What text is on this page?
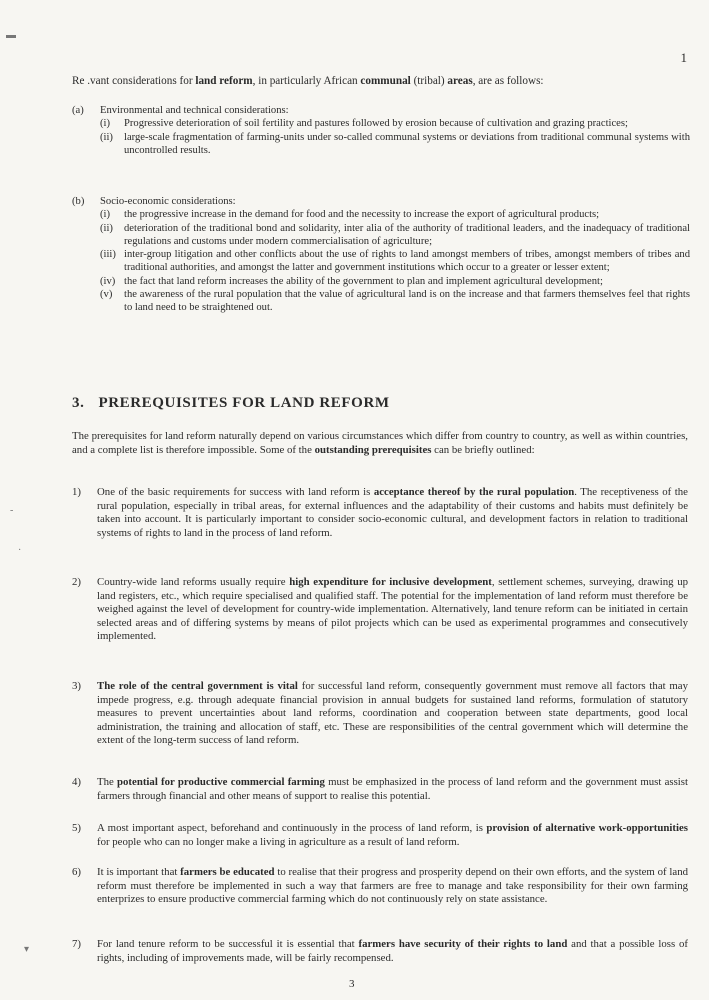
▬
-
·
▾
1
Re .vant considerations for land reform, in particularly African communal (tribal) areas, are as follows:
(a)	Environmental and technical considerations:
(i)	Progressive deterioration of soil fertility and pastures followed by erosion because of cultivation and grazing practices;
(ii)	large-scale fragmentation of farming-units under so-called communal systems or deviations from traditional communal systems with uncontrolled results.
(b)	Socio-economic considerations:
(i)	the progressive increase in the demand for food and the necessity to increase the export of agricultural products;
(ii)	deterioration of the traditional bond and solidarity, inter alia of the authority of traditional leaders, and the inadequacy of traditional regulations and customs under modern commercialisation of agriculture;
(iii) inter-group litigation and other conflicts about the use of rights to land amongst members of tribes, amongst members of tribes and traditional authorities, and amongst the latter and government institutions which occur to a greater or lesser extent;
(iv) the fact that land reform increases the ability of the government to plan and implement agricultural development;
(v)	the awareness of the rural population that the value of agricultural land is on the increase and that farmers themselves feel that rights to land need to be straightened out.
3. PREREQUISITES FOR LAND REFORM
The prerequisites for land reform naturally depend on various circumstances which differ from country to country, as well as within countries, and a complete list is therefore impossible. Some of the outstanding prerequisites can be briefly outlined:
1)	One of the basic requirements for success with land reform is acceptance thereof by the rural population. The receptiveness of the rural population, especially in tribal areas, for external influences and the adaptability of their customs and habits must definitely be taken into account. It is particularly important to consider socio-economic cultural, and development factors in relation to traditional systems of rights to land in the process of land reform.
2)	Country-wide land reforms usually require high expenditure for inclusive development, settlement schemes, surveying, drawing up land registers, etc., which require specialised and qualified staff. The potential for the implementation of land reform must therefore be weighed against the level of development for country-wide implementation. Alternatively, land tenure reform can be initiated in certain selected areas and of differing systems by means of pilot projects which can be used as experimental programmes and consecutively implemented.
3)	The role of the central government is vital for successful land reform, consequently government must remove all factors that may impede progress, e.g. through adequate financial provision in annual budgets for sustained land reforms, formulation of statutory measures to prevent uncertainties about land reforms, coordination and cooperation between state departments, good local administration, the training and allocation of staff, etc. These are responsibilities of the central government which will determine the extent of the long-term success of land reform.
4)	The potential for productive commercial farming must be emphasized in the process of land reform and the government must assist farmers through financial and other means of support to realise this potential.
5)	A most important aspect, beforehand and continuously in the process of land reform, is provision of alternative work-opportunities for people who can no longer make a living in agriculture as a result of land reform.
6)	It is important that farmers be educated to realise that their progress and prosperity depend on their own efforts, and the system of land reform must therefore be implemented in such a way that farmers are free to manage and take responsibility for their own farming enterprizes to ensure productive commercial farming which do not continuously rely on state assistance.
7)	For land tenure reform to be successful it is essential that farmers have security of their rights to land and that a possible loss of rights, including of improvements made, will be fairly recompensed.
3
